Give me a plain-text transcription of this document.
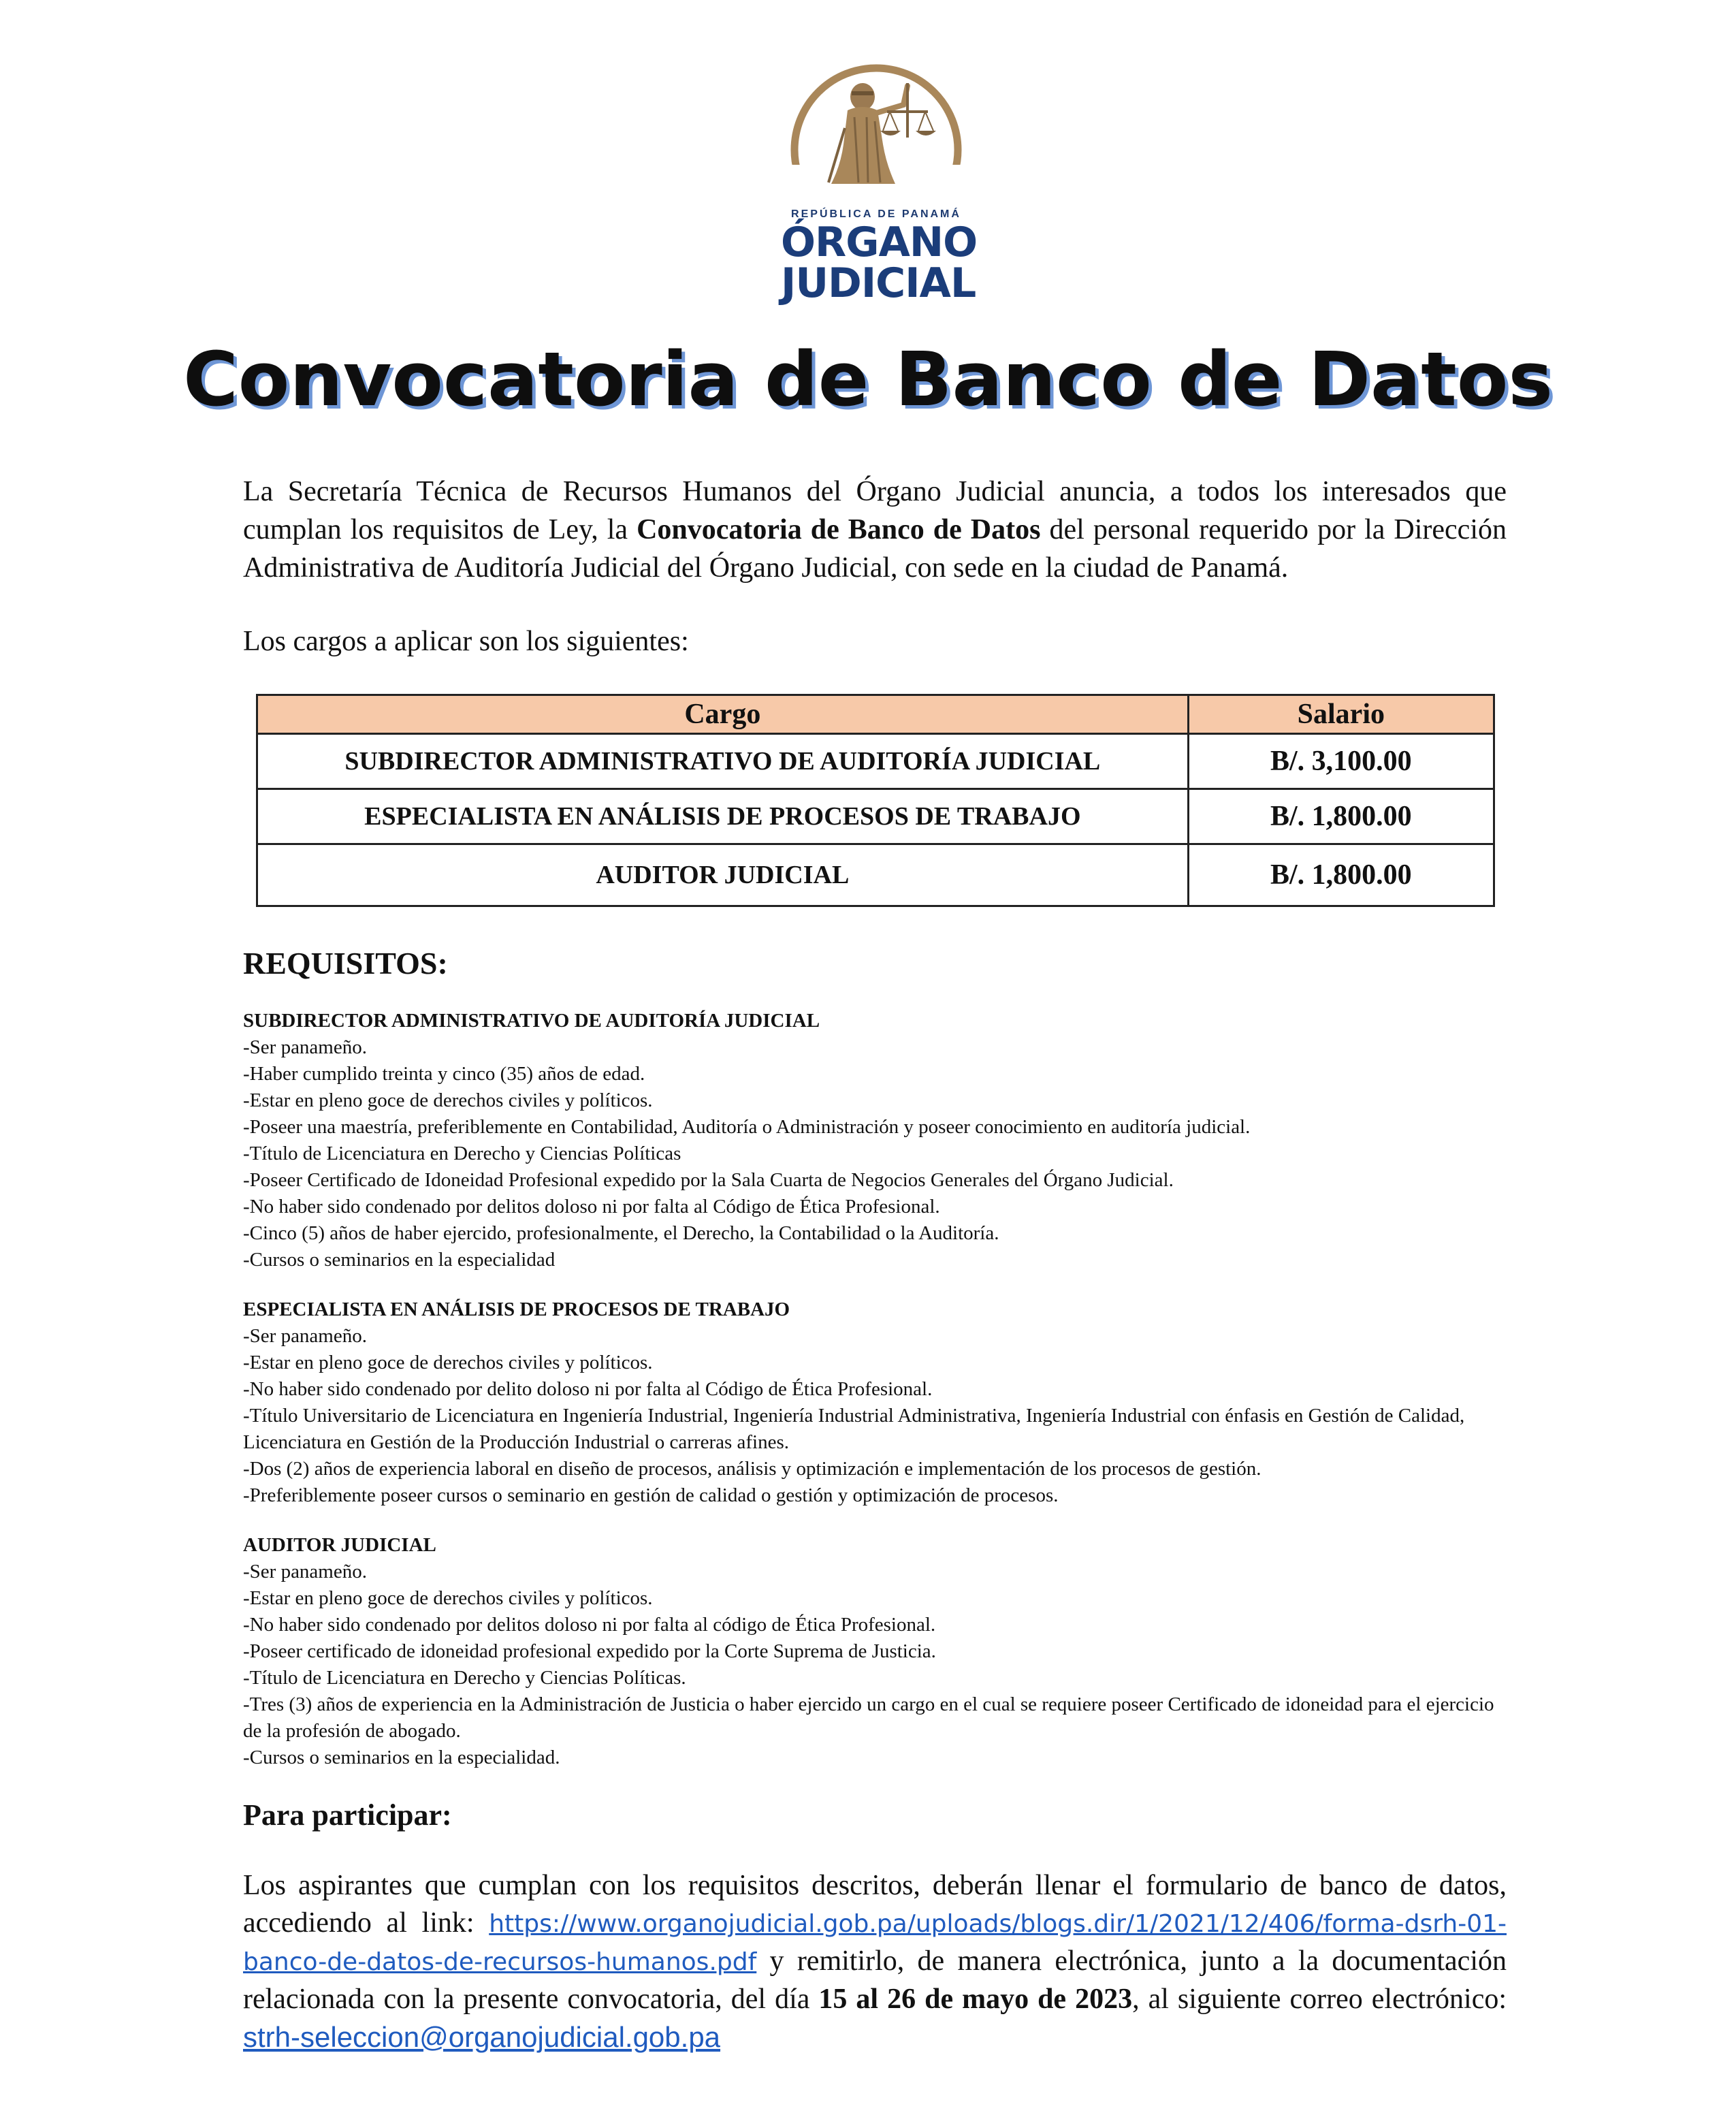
REPÚBLICA DE PANAMÁ
ÓRGANO
JUDICIAL
Convocatoria de Banco de Datos

La Secretaría Técnica de Recursos Humanos del Órgano Judicial anuncia, a todos los interesados que cumplan los requisitos de Ley, la Convocatoria de Banco de Datos del personal requerido por la Dirección Administrativa de Auditoría Judicial del Órgano Judicial, con sede en la ciudad de Panamá.

Los cargos a aplicar son los siguientes:

Cargo	Salario
SUBDIRECTOR ADMINISTRATIVO DE AUDITORÍA JUDICIAL	B/. 3,100.00
ESPECIALISTA EN ANÁLISIS DE PROCESOS DE TRABAJO	B/. 1,800.00
AUDITOR JUDICIAL	B/. 1,800.00
REQUISITOS:

SUBDIRECTOR ADMINISTRATIVO DE AUDITORÍA JUDICIAL

-Ser panameño.

-Haber cumplido treinta y cinco (35) años de edad.

-Estar en pleno goce de derechos civiles y políticos.

-Poseer una maestría, preferiblemente en Contabilidad, Auditoría o Administración y poseer conocimiento en auditoría judicial.

-Título de Licenciatura en Derecho y Ciencias Políticas

-Poseer Certificado de Idoneidad Profesional expedido por la Sala Cuarta de Negocios Generales del Órgano Judicial.

-No haber sido condenado por delitos doloso ni por falta al Código de Ética Profesional.

-Cinco (5) años de haber ejercido, profesionalmente, el Derecho, la Contabilidad o la Auditoría.

-Cursos o seminarios en la especialidad

ESPECIALISTA EN ANÁLISIS DE PROCESOS DE TRABAJO

-Ser panameño.

-Estar en pleno goce de derechos civiles y políticos.

-No haber sido condenado por delito doloso ni por falta al Código de Ética Profesional.

-Título Universitario de Licenciatura en Ingeniería Industrial, Ingeniería Industrial Administrativa, Ingeniería Industrial con énfasis en Gestión de Calidad, Licenciatura en Gestión de la Producción Industrial o carreras afines.

-Dos (2) años de experiencia laboral en diseño de procesos, análisis y optimización e implementación de los procesos de gestión.

-Preferiblemente poseer cursos o seminario en gestión de calidad o gestión y optimización de procesos.

AUDITOR JUDICIAL

-Ser panameño.

-Estar en pleno goce de derechos civiles y políticos.

-No haber sido condenado por delitos doloso ni por falta al código de Ética Profesional.

-Poseer certificado de idoneidad profesional expedido por la Corte Suprema de Justicia.

-Título de Licenciatura en Derecho y Ciencias Políticas.

-Tres (3) años de experiencia en la Administración de Justicia o haber ejercido un cargo en el cual se requiere poseer Certificado de idoneidad para el ejercicio de la profesión de abogado.

-Cursos o seminarios en la especialidad.

Para participar:

Los aspirantes que cumplan con los requisitos descritos, deberán llenar el formulario de banco de datos, accediendo al link: https://www.organojudicial.gob.pa/uploads/blogs.dir/1/2021/12/406/forma-dsrh-01-banco-de-datos-de-recursos-humanos.pdf y remitirlo, de manera electrónica, junto a la documentación relacionada con la presente convocatoria, del día 15 al 26 de mayo de 2023, al siguiente correo electrónico: strh-seleccion@organojudicial.gob.pa
